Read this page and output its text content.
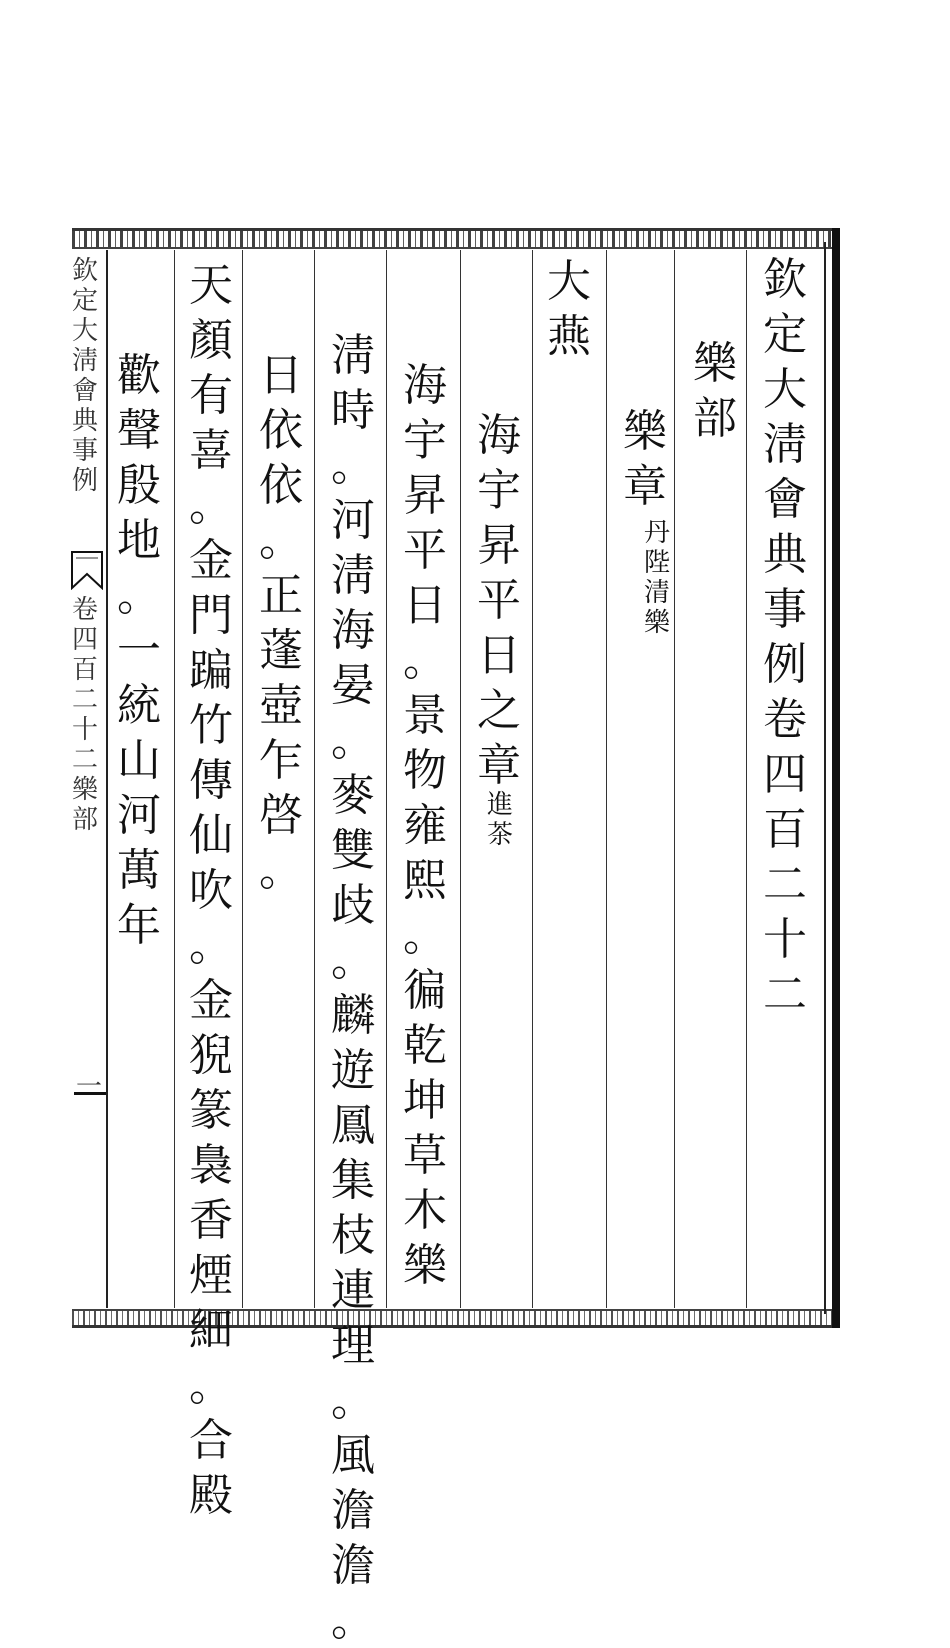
欽
定
大
淸
會
典
事
例
卷
四
百
二
十
二
樂
部
一
欽
定
大
淸
會
典
事
例
卷
四
百
二
十
二
樂
部
樂
章
丹
陛
清
樂
大
燕
海
宇
昇
平
日
之
章
進
茶
海
宇
昇
平
日
。
景
物
雍
熙
。
徧
乾
坤
草
木
樂
淸
時
。
河
淸
海
晏
。
麥
雙
歧
。
麟
遊
鳳
集
枝
連
理
。
風
澹
澹
。
日
依
依
。
正
蓬
壺
乍
啓
。
天
顏
有
喜
。
金
門
蹁
竹
傳
仙
吹
。
金
猊
篆
裊
香
煙
細
。
合
殿
歡
聲
殷
地
。
一
統
山
河
萬
年
